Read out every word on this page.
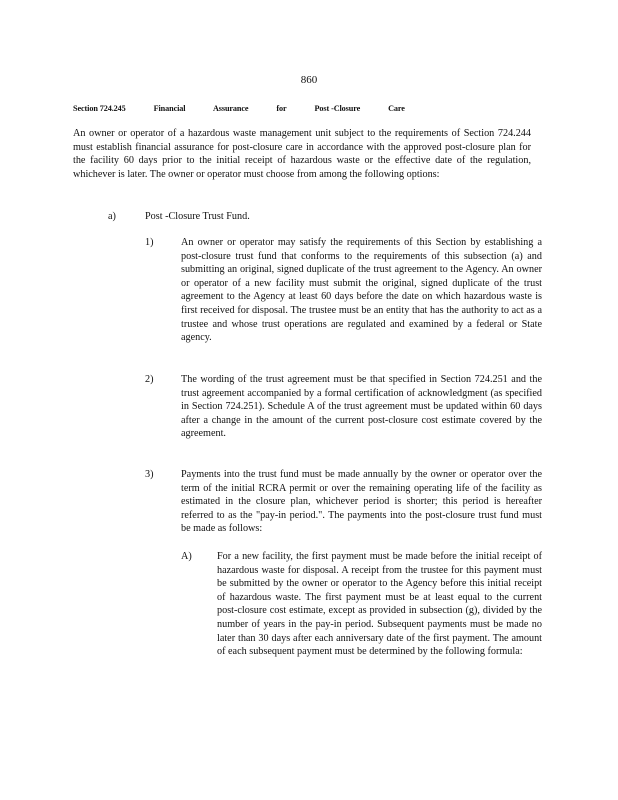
860
Section 724.245	Financial	Assurance	for	Post -Closure	Care

An owner or operator of a hazardous waste management unit subject to the requirements of Section 724.244 must establish financial assurance for post-closure care in accordance with the approved post-closure plan for the facility 60 days prior to the initial receipt of hazardous waste or the effective date of the regulation, whichever is later. The owner or operator must choose from among the following options:

a)	Post -Closure Trust Fund.

1)	An owner or operator may satisfy the requirements of this Section by establishing a post-closure trust fund that conforms to the requirements of this subsection (a) and submitting an original, signed duplicate of the trust agreement to the Agency. An owner or operator of a new facility must submit the original, signed duplicate of the trust agreement to the Agency at least 60 days before the date on which hazardous waste is first received for disposal. The trustee must be an entity that has the authority to act as a trustee and whose trust operations are regulated and examined by a federal or State agency.

2)	The wording of the trust agreement must be that specified in Section 724.251 and the trust agreement accompanied by a formal certification of acknowledgment (as specified in Section 724.251). Schedule A of the trust agreement must be updated within 60 days after a change in the amount of the current post-closure cost estimate covered by the agreement.

3)	Payments into the trust fund must be made annually by the owner or operator over the term of the initial RCRA permit or over the remaining operating life of the facility as estimated in the closure plan, whichever period is shorter; this period is hereafter referred to as the "pay-in period.". The payments into the post-closure trust fund must be made as follows:

A) For a new facility, the first payment must be made before the initial receipt of hazardous waste for disposal. A receipt from the trustee for this payment must be submitted by the owner or operator to the Agency before this initial receipt of hazardous waste. The first payment must be at least equal to the current post-closure cost estimate, except as provided in subsection (g), divided by the number of years in the pay-in period. Subsequent payments must be made no later than 30 days after each anniversary date of the first payment. The amount of each subsequent payment must be determined by the following formula:
